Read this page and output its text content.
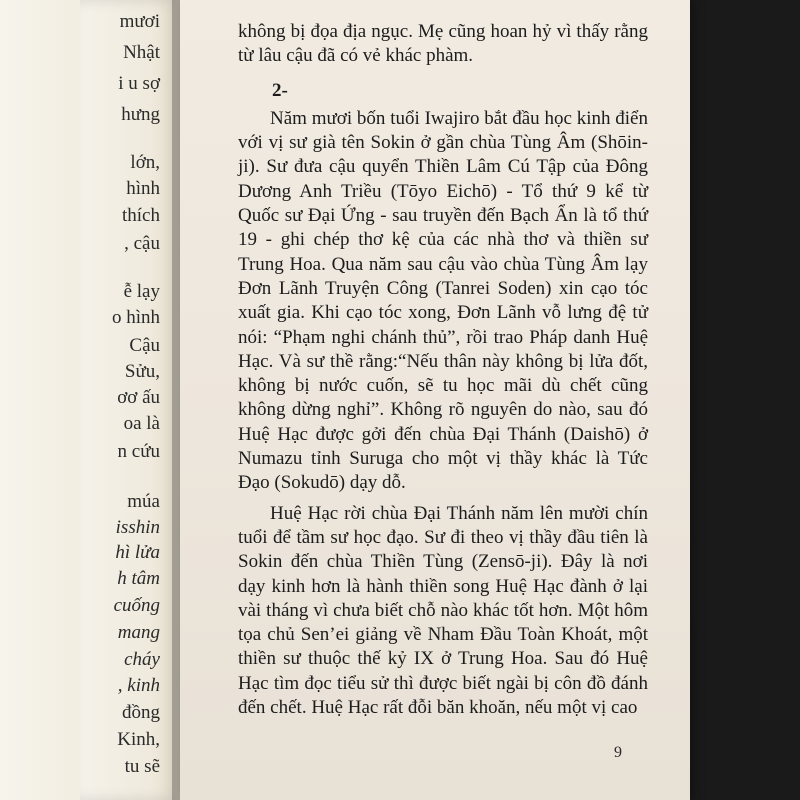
mươi
Nhật
i u sợ
hưng
lớn,
hình
thích
, cậu
ễ lạy
o hình
Cậu
Sửu,
ơơ ấu
oa là
n cứu
múa
isshin
hì lửa
h tâm
cuống
mang
cháy
, kinh
đồng
Kinh,
tu sẽ

không bị đọa địa ngục. Mẹ cũng hoan hỷ vì thấy rằng từ lâu cậu đã có vẻ khác phàm.

2-

Năm mươi bốn tuổi Iwajiro bắt đầu học kinh điển với vị sư già tên Sokin ở gần chùa Tùng Âm (Shōin-ji). Sư đưa cậu quyển Thiền Lâm Cú Tập của Đông Dương Anh Triều (Tōyo Eichō) - Tổ thứ 9 kể từ Quốc sư Đại Ứng - sau truyền đến Bạch Ẩn là tổ thứ 19 - ghi chép thơ kệ của các nhà thơ và thiền sư Trung Hoa. Qua năm sau cậu vào chùa Tùng Âm lạy Đơn Lãnh Truyện Công (Tanrei Soden) xin cạo tóc xuất gia. Khi cạo tóc xong, Đơn Lãnh vỗ lưng đệ tử nói: “Phạm nghi chánh thủ”, rồi trao Pháp danh Huệ Hạc. Và sư thề rằng:“Nếu thân này không bị lửa đốt, không bị nước cuốn, sẽ tu học mãi dù chết cũng không dừng nghỉ”. Không rõ nguyên do nào, sau đó Huệ Hạc được gởi đến chùa Đại Thánh (Daishō) ở Numazu tỉnh Suruga cho một vị thầy khác là Tức Đạo (Sokudō) dạy dỗ.

Huệ Hạc rời chùa Đại Thánh năm lên mười chín tuổi để tầm sư học đạo. Sư đi theo vị thầy đầu tiên là Sokin đến chùa Thiền Tùng (Zensō-ji). Đây là nơi dạy kinh hơn là hành thiền song Huệ Hạc đành ở lại vài tháng vì chưa biết chỗ nào khác tốt hơn. Một hôm tọa chủ Sen’ei giảng về Nham Đầu Toàn Khoát, một thiền sư thuộc thế kỷ IX ở Trung Hoa. Sau đó Huệ Hạc tìm đọc tiểu sử thì được biết ngài bị côn đồ đánh đến chết. Huệ Hạc rất đỗi băn khoăn, nếu một vị cao

9
